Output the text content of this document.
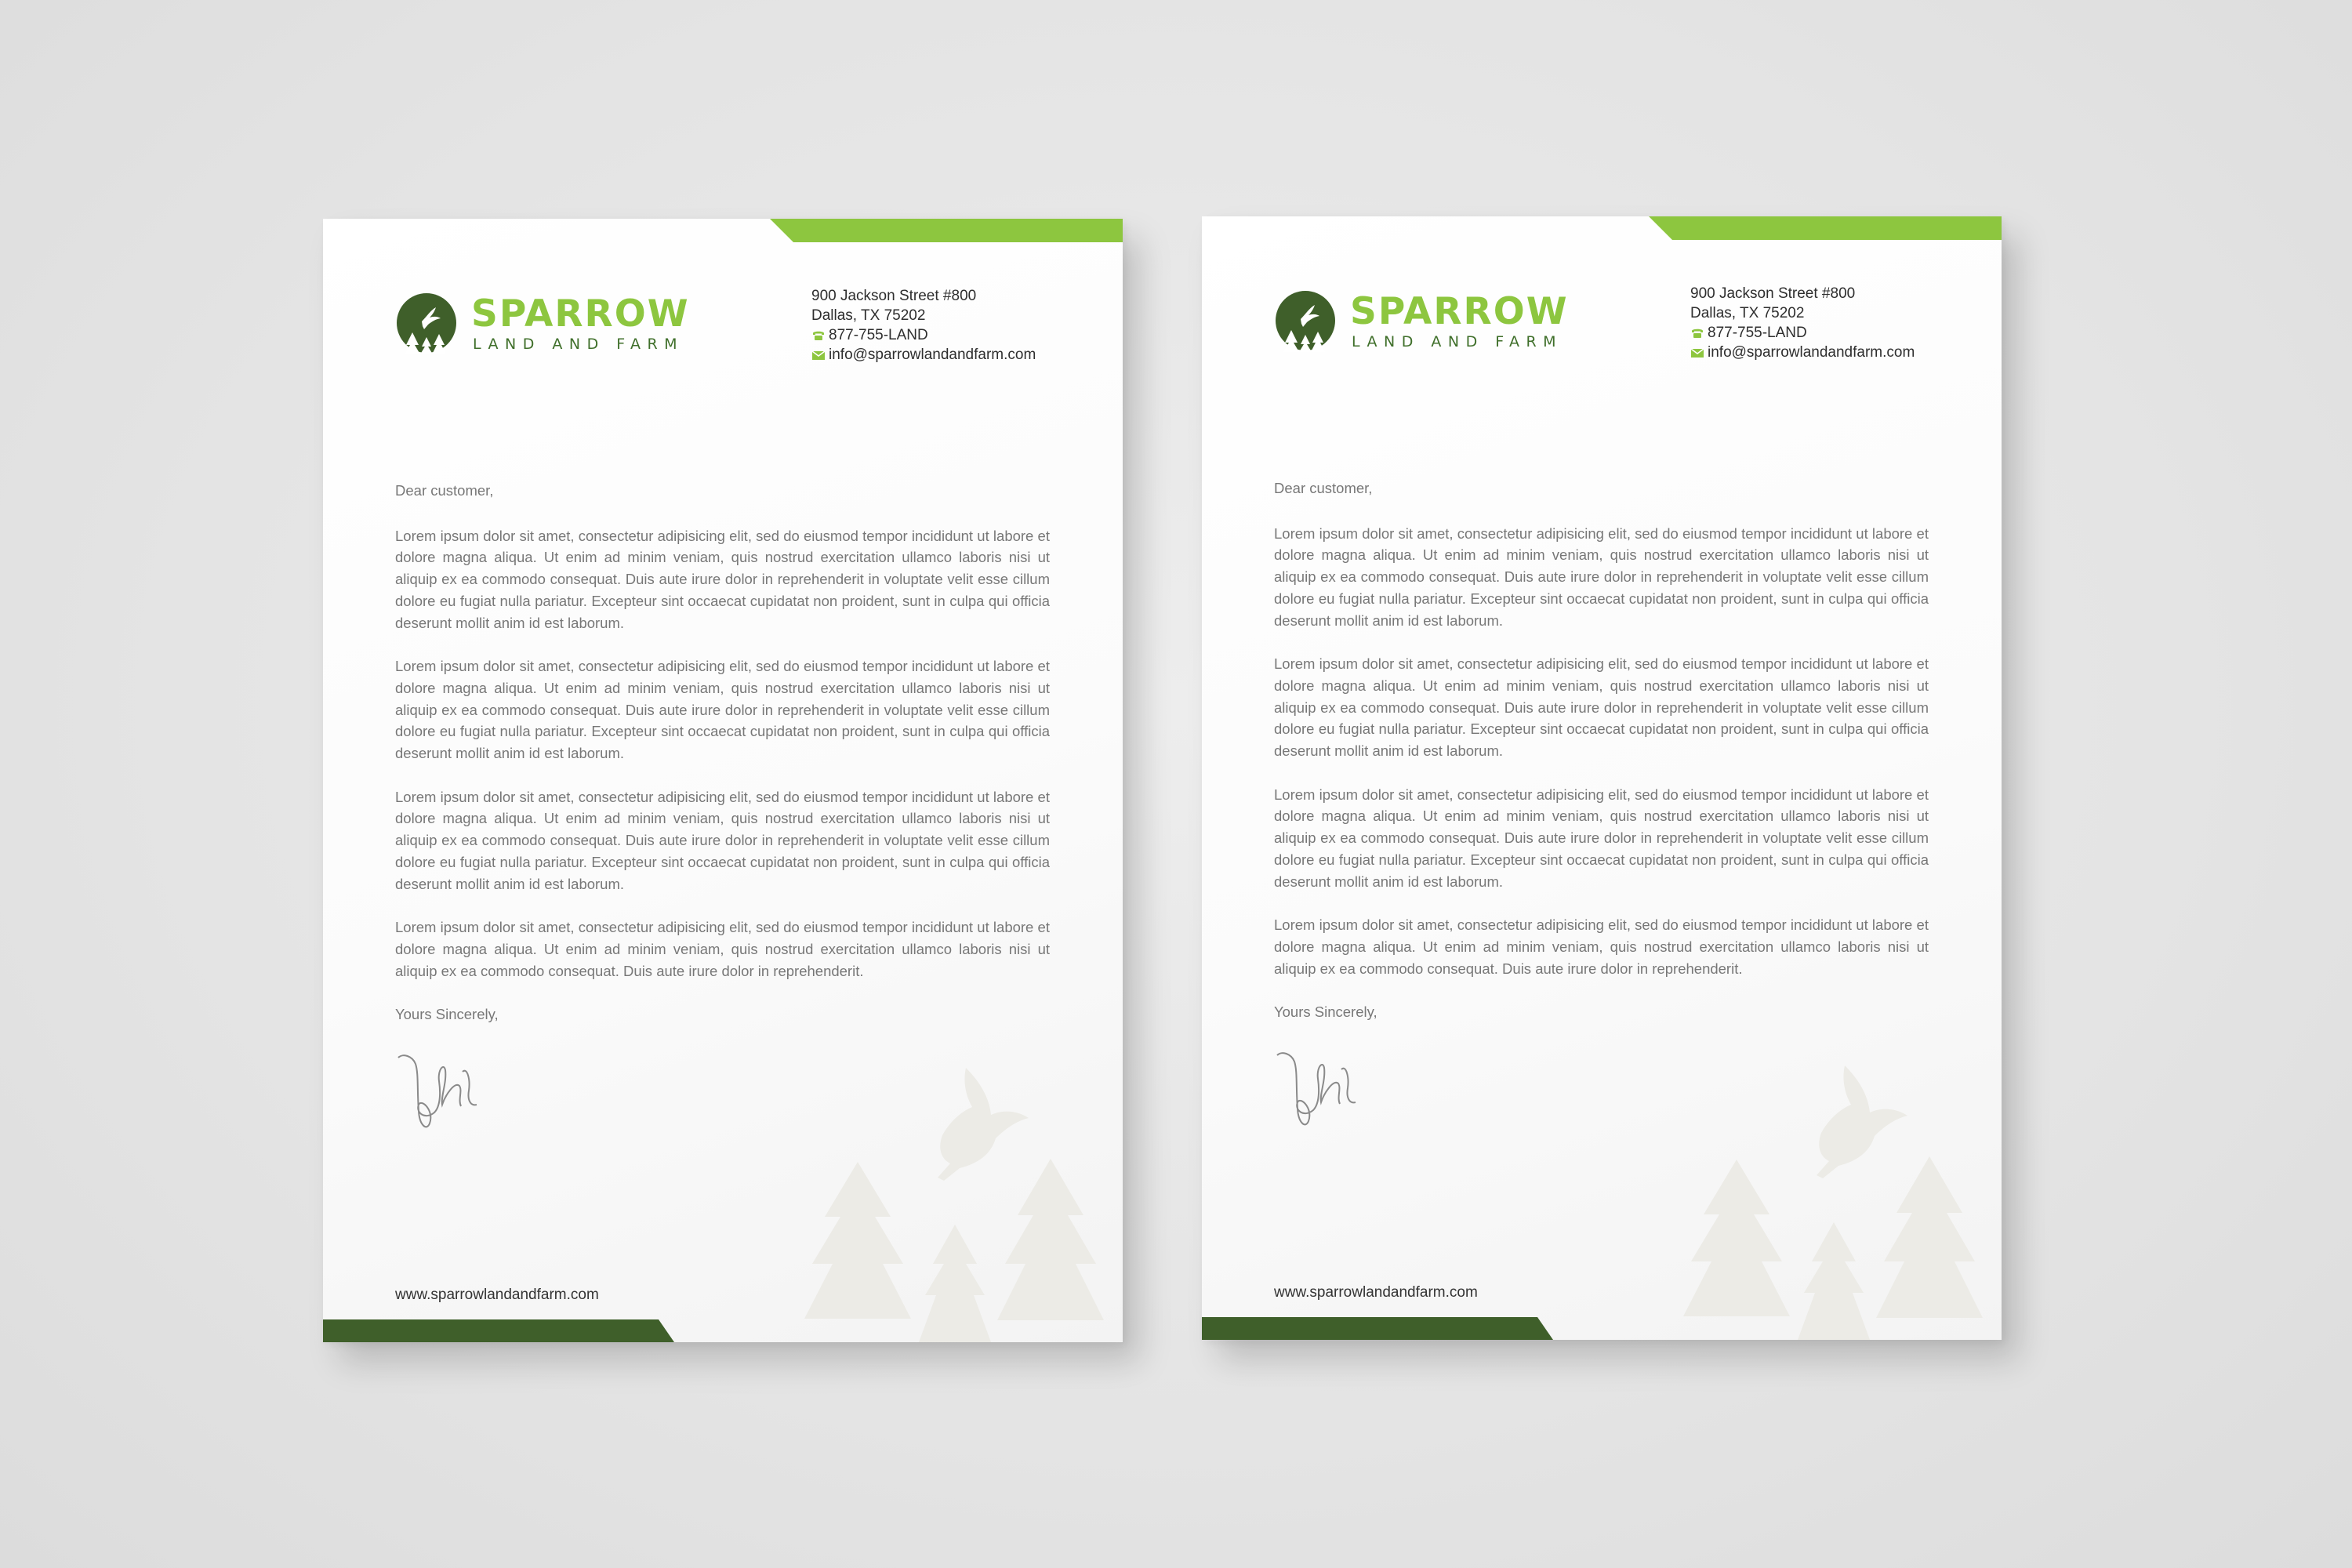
SPARROW
LAND AND FARM
900 Jackson Street #800
Dallas, TX 75202
877-755-LAND
info@sparrowlandandfarm.com

Dear customer,

Lorem ipsum dolor sit amet, consectetur adipisicing elit, sed do eiusmod tempor incididunt ut labore et dolore magna aliqua. Ut enim ad minim veniam, quis nostrud exercitation ullamco laboris nisi ut aliquip ex ea commodo consequat. Duis aute irure dolor in reprehenderit in voluptate velit esse cillum dolore eu fugiat nulla pariatur. Excepteur sint occaecat cupidatat non proident, sunt in culpa qui officia deserunt mollit anim id est laborum.

Lorem ipsum dolor sit amet, consectetur adipisicing elit, sed do eiusmod tempor incididunt ut labore et dolore magna aliqua. Ut enim ad minim veniam, quis nostrud exercitation ullamco laboris nisi ut aliquip ex ea commodo consequat. Duis aute irure dolor in reprehenderit in voluptate velit esse cillum dolore eu fugiat nulla pariatur. Excepteur sint occaecat cupidatat non proident, sunt in culpa qui officia deserunt mollit anim id est laborum.

Lorem ipsum dolor sit amet, consectetur adipisicing elit, sed do eiusmod tempor incididunt ut labore et dolore magna aliqua. Ut enim ad minim veniam, quis nostrud exercitation ullamco laboris nisi ut aliquip ex ea commodo consequat. Duis aute irure dolor in reprehenderit in voluptate velit esse cillum dolore eu fugiat nulla pariatur. Excepteur sint occaecat cupidatat non proident, sunt in culpa qui officia deserunt mollit anim id est laborum.

Lorem ipsum dolor sit amet, consectetur adipisicing elit, sed do eiusmod tempor incididunt ut labore et dolore magna aliqua. Ut enim ad minim veniam, quis nostrud exercitation ullamco laboris nisi ut aliquip ex ea commodo consequat. Duis aute irure dolor in reprehenderit.

Yours Sincerely,

www.sparrowlandandfarm.com
SPARROW
LAND AND FARM
900 Jackson Street #800
Dallas, TX 75202
877-755-LAND
info@sparrowlandandfarm.com

Dear customer,

Lorem ipsum dolor sit amet, consectetur adipisicing elit, sed do eiusmod tempor incididunt ut labore et dolore magna aliqua. Ut enim ad minim veniam, quis nostrud exercitation ullamco laboris nisi ut aliquip ex ea commodo consequat. Duis aute irure dolor in reprehenderit in voluptate velit esse cillum dolore eu fugiat nulla pariatur. Excepteur sint occaecat cupidatat non proident, sunt in culpa qui officia deserunt mollit anim id est laborum.

Lorem ipsum dolor sit amet, consectetur adipisicing elit, sed do eiusmod tempor incididunt ut labore et dolore magna aliqua. Ut enim ad minim veniam, quis nostrud exercitation ullamco laboris nisi ut aliquip ex ea commodo consequat. Duis aute irure dolor in reprehenderit in voluptate velit esse cillum dolore eu fugiat nulla pariatur. Excepteur sint occaecat cupidatat non proident, sunt in culpa qui officia deserunt mollit anim id est laborum.

Lorem ipsum dolor sit amet, consectetur adipisicing elit, sed do eiusmod tempor incididunt ut labore et dolore magna aliqua. Ut enim ad minim veniam, quis nostrud exercitation ullamco laboris nisi ut aliquip ex ea commodo consequat. Duis aute irure dolor in reprehenderit in voluptate velit esse cillum dolore eu fugiat nulla pariatur. Excepteur sint occaecat cupidatat non proident, sunt in culpa qui officia deserunt mollit anim id est laborum.

Lorem ipsum dolor sit amet, consectetur adipisicing elit, sed do eiusmod tempor incididunt ut labore et dolore magna aliqua. Ut enim ad minim veniam, quis nostrud exercitation ullamco laboris nisi ut aliquip ex ea commodo consequat. Duis aute irure dolor in reprehenderit.

Yours Sincerely,

www.sparrowlandandfarm.com
